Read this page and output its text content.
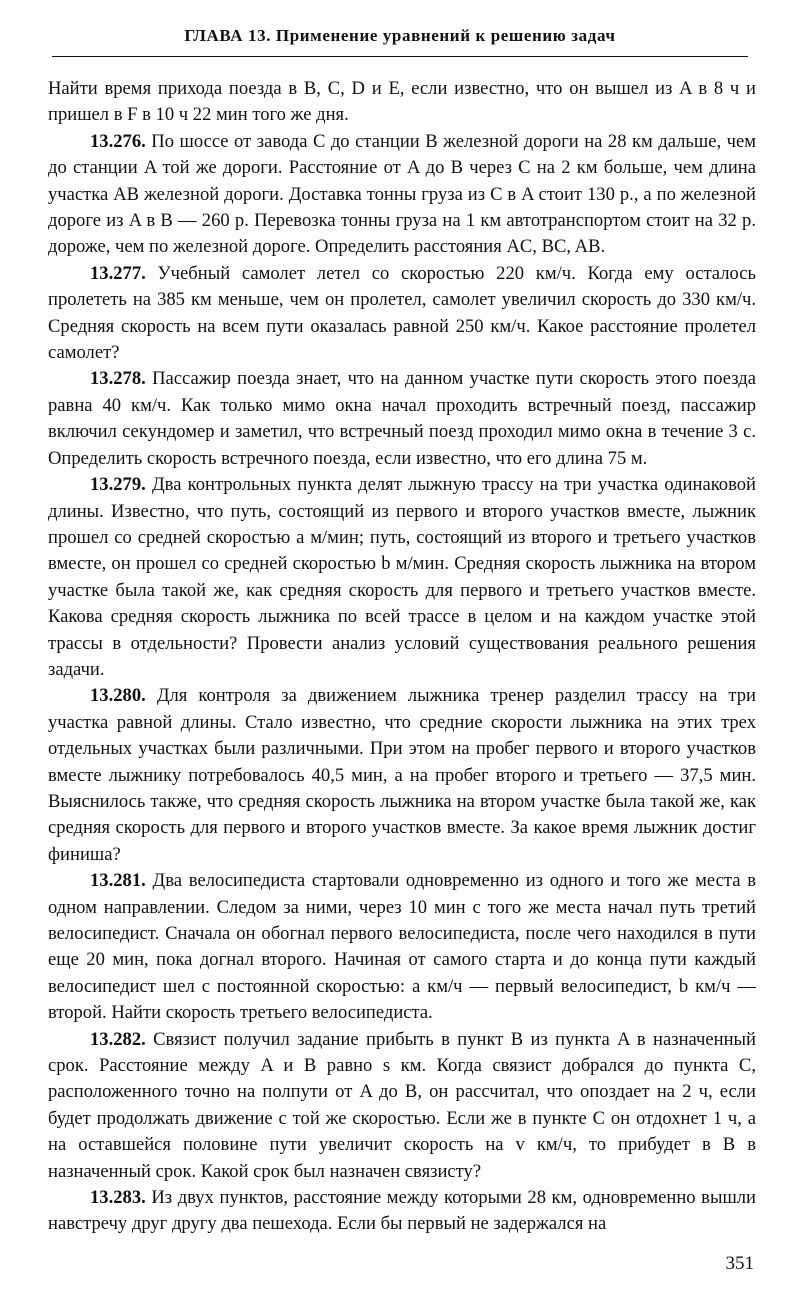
ГЛАВА 13. Применение уравнений к решению задач

Найти время прихода поезда в B, C, D и E, если известно, что он вышел из A в 8 ч и пришел в F в 10 ч 22 мин того же дня.

13.276. По шоссе от завода C до станции B железной дороги на 28 км дальше, чем до станции A той же дороги. Расстояние от A до B через C на 2 км больше, чем длина участка AB железной дороги. Доставка тонны груза из C в A стоит 130 р., а по железной дороге из A в B — 260 р. Перевозка тонны груза на 1 км автотранспортом стоит на 32 р. дороже, чем по железной дороге. Определить расстояния AC, BC, AB.

13.277. Учебный самолет летел со скоростью 220 км/ч. Когда ему осталось пролететь на 385 км меньше, чем он пролетел, самолет увеличил скорость до 330 км/ч. Средняя скорость на всем пути оказалась равной 250 км/ч. Какое расстояние пролетел самолет?

13.278. Пассажир поезда знает, что на данном участке пути скорость этого поезда равна 40 км/ч. Как только мимо окна начал проходить встречный поезд, пассажир включил секундомер и заметил, что встречный поезд проходил мимо окна в течение 3 с. Определить скорость встречного поезда, если известно, что его длина 75 м.

13.279. Два контрольных пункта делят лыжную трассу на три участка одинаковой длины. Известно, что путь, состоящий из первого и второго участков вместе, лыжник прошел со средней скоростью a м/мин; путь, состоящий из второго и третьего участков вместе, он прошел со средней скоростью b м/мин. Средняя скорость лыжника на втором участке была такой же, как средняя скорость для первого и третьего участков вместе. Какова средняя скорость лыжника по всей трассе в целом и на каждом участке этой трассы в отдельности? Провести анализ условий существования реального решения задачи.

13.280. Для контроля за движением лыжника тренер разделил трассу на три участка равной длины. Стало известно, что средние скорости лыжника на этих трех отдельных участках были различными. При этом на пробег первого и второго участков вместе лыжнику потребовалось 40,5 мин, а на пробег второго и третьего — 37,5 мин. Выяснилось также, что средняя скорость лыжника на втором участке была такой же, как средняя скорость для первого и второго участков вместе. За какое время лыжник достиг финиша?

13.281. Два велосипедиста стартовали одновременно из одного и того же места в одном направлении. Следом за ними, через 10 мин с того же места начал путь третий велосипедист. Сначала он обогнал первого велосипедиста, после чего находился в пути еще 20 мин, пока догнал второго. Начиная от самого старта и до конца пути каждый велосипедист шел с постоянной скоростью: a км/ч — первый велосипедист, b км/ч — второй. Найти скорость третьего велосипедиста.

13.282. Связист получил задание прибыть в пункт B из пункта A в назначенный срок. Расстояние между A и B равно s км. Когда связист добрался до пункта C, расположенного точно на полпути от A до B, он рассчитал, что опоздает на 2 ч, если будет продолжать движение с той же скоростью. Если же в пункте C он отдохнет 1 ч, а на оставшейся половине пути увеличит скорость на v км/ч, то прибудет в B в назначенный срок. Какой срок был назначен связисту?

13.283. Из двух пунктов, расстояние между которыми 28 км, одновременно вышли навстречу друг другу два пешехода. Если бы первый не задержался на

351
